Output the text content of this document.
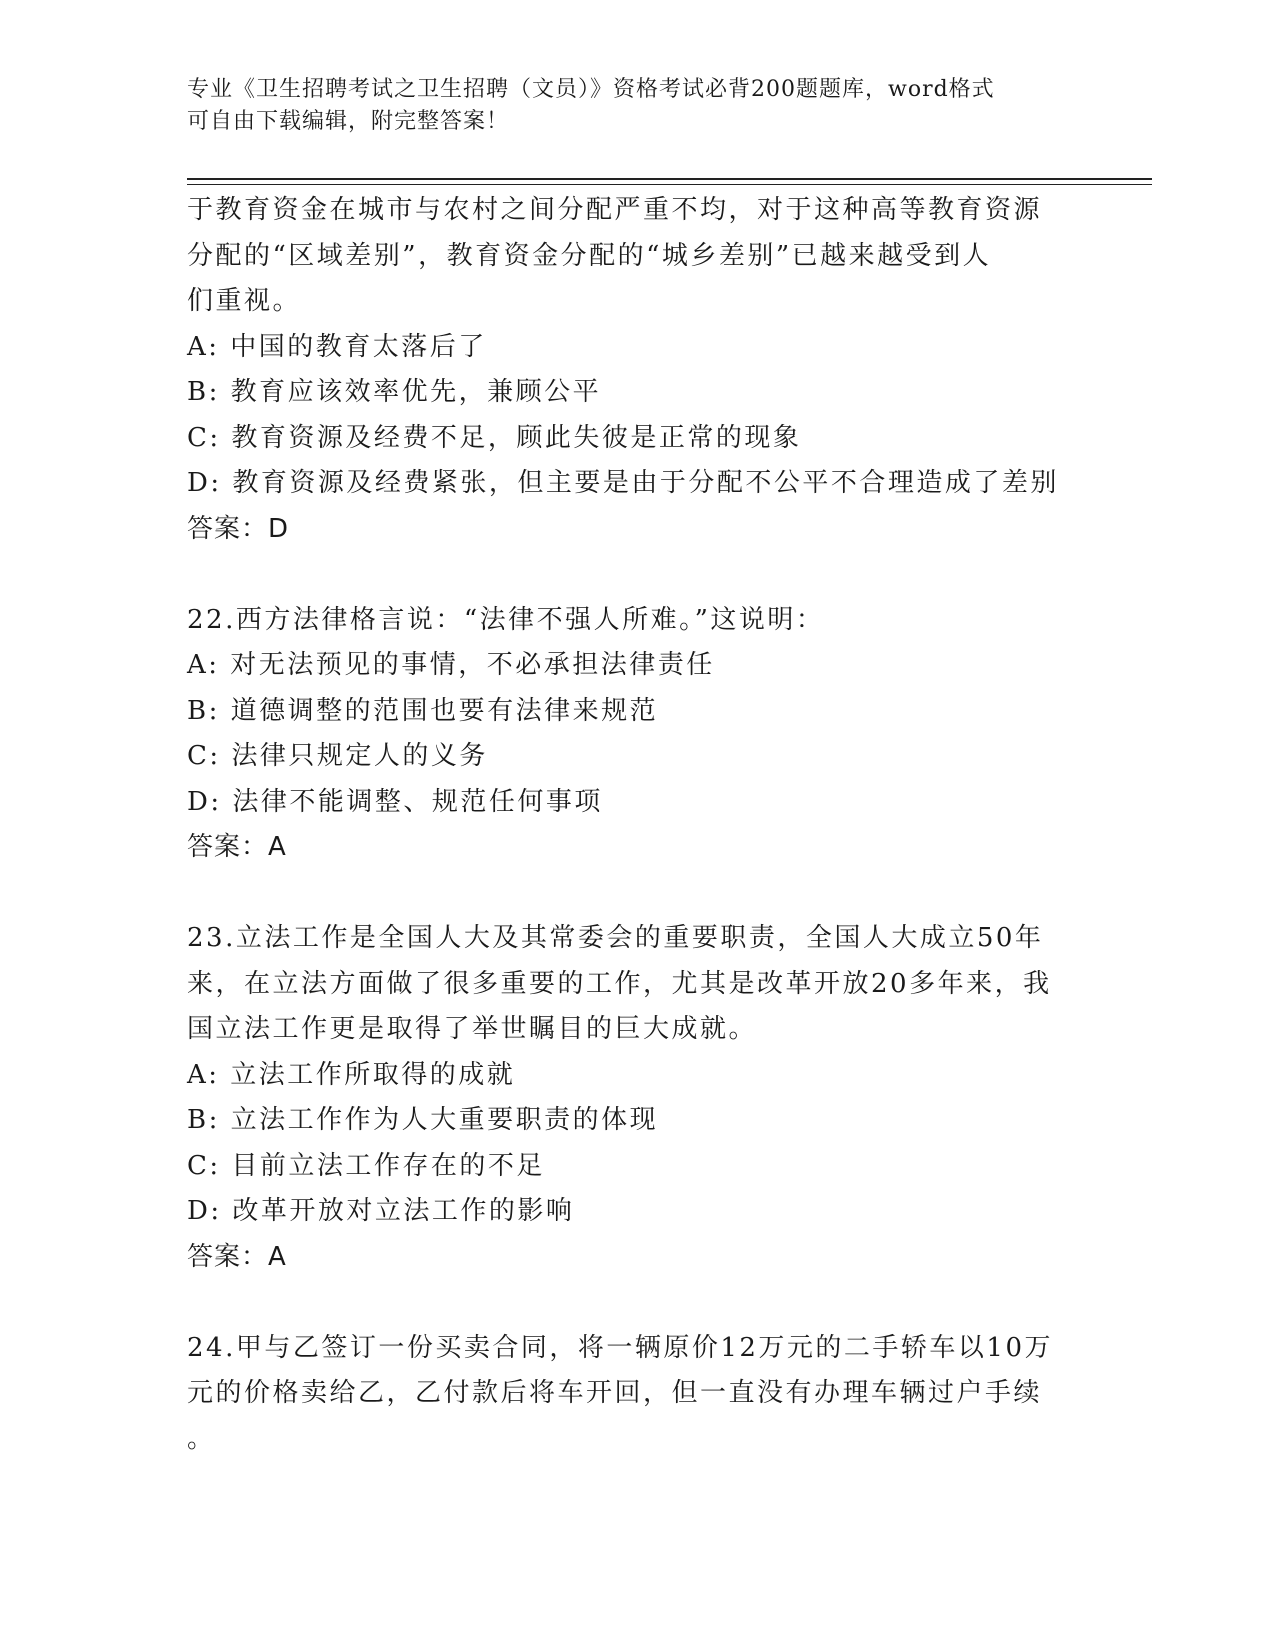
专业《卫生招聘考试之卫生招聘（文员）》资格考试必背200题题库，word格式
可自由下载编辑，附完整答案！

于教育资金在城市与农村之间分配严重不均，对于这种高等教育资源

分配的“区域差别”，教育资金分配的“城乡差别”已越来越受到人

们重视。

A: 中国的教育太落后了

B: 教育应该效率优先，兼顾公平

C: 教育资源及经费不足，顾此失彼是正常的现象

D: 教育资源及经费紧张，但主要是由于分配不公平不合理造成了差别

答案：D

22.西方法律格言说：“法律不强人所难。”这说明：

A: 对无法预见的事情，不必承担法律责任

B: 道德调整的范围也要有法律来规范

C: 法律只规定人的义务

D: 法律不能调整、规范任何事项

答案：A

23.立法工作是全国人大及其常委会的重要职责，全国人大成立50年

来，在立法方面做了很多重要的工作，尤其是改革开放20多年来，我

国立法工作更是取得了举世瞩目的巨大成就。

A: 立法工作所取得的成就

B: 立法工作作为人大重要职责的体现

C: 目前立法工作存在的不足

D: 改革开放对立法工作的影响

答案：A

24.甲与乙签订一份买卖合同，将一辆原价12万元的二手轿车以10万

元的价格卖给乙，乙付款后将车开回，但一直没有办理车辆过户手续

。
